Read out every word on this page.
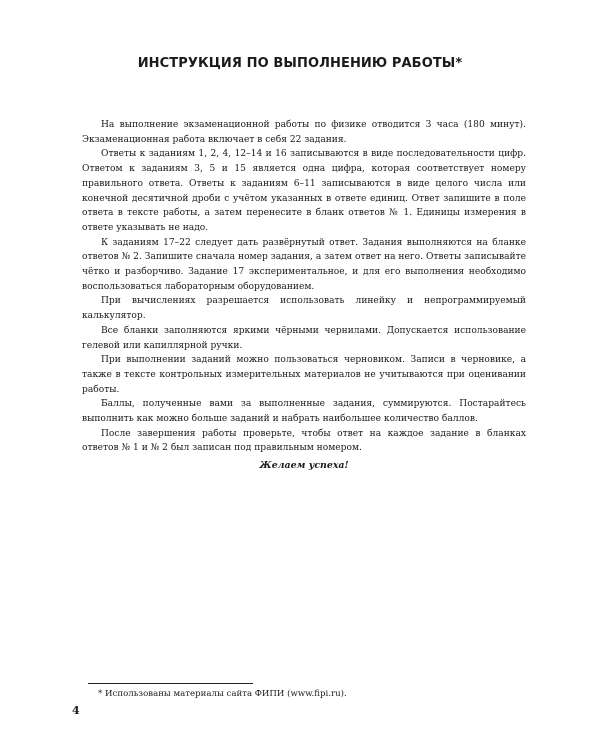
ИНСТРУКЦИЯ ПО ВЫПОЛНЕНИЮ РАБОТЫ*

На выполнение экзаменационной работы по физике отводится 3 часа (180 минут). Экзаменационная работа включает в себя 22 задания.

Ответы к заданиям 1, 2, 4, 12–14 и 16 записываются в виде последовательности цифр. Ответом к заданиям 3, 5 и 15 является одна цифра, которая соответствует номеру правильного ответа. Ответы к заданиям 6–11 записываются в виде целого числа или конечной десятичной дроби с учётом указанных в ответе единиц. Ответ запишите в поле ответа в тексте работы, а затем перенесите в бланк ответов № 1. Единицы измерения в ответе указывать не надо.

К заданиям 17–22 следует дать развёрнутый ответ. Задания выполняются на бланке ответов № 2. Запишите сначала номер задания, а затем ответ на него. Ответы записывайте чётко и разборчиво. Задание 17 экспериментальное, и для его выполнения необходимо воспользоваться лабораторным оборудованием.

При вычислениях разрешается использовать линейку и непрограммируемый калькулятор.

Все бланки заполняются яркими чёрными чернилами. Допускается использование гелевой или капиллярной ручки.

При выполнении заданий можно пользоваться черновиком. Записи в черновике, а также в тексте контрольных измерительных материалов не учитываются при оценивании работы.

Баллы, полученные вами за выполненные задания, суммируются. Постарайтесь выполнить как можно больше заданий и набрать наибольшее количество баллов.

После завершения работы проверьте, чтобы ответ на каждое задание в бланках ответов № 1 и № 2 был записан под правильным номером.

Желаем успеха!
* Использованы материалы сайта ФИПИ (www.fipi.ru).
4
